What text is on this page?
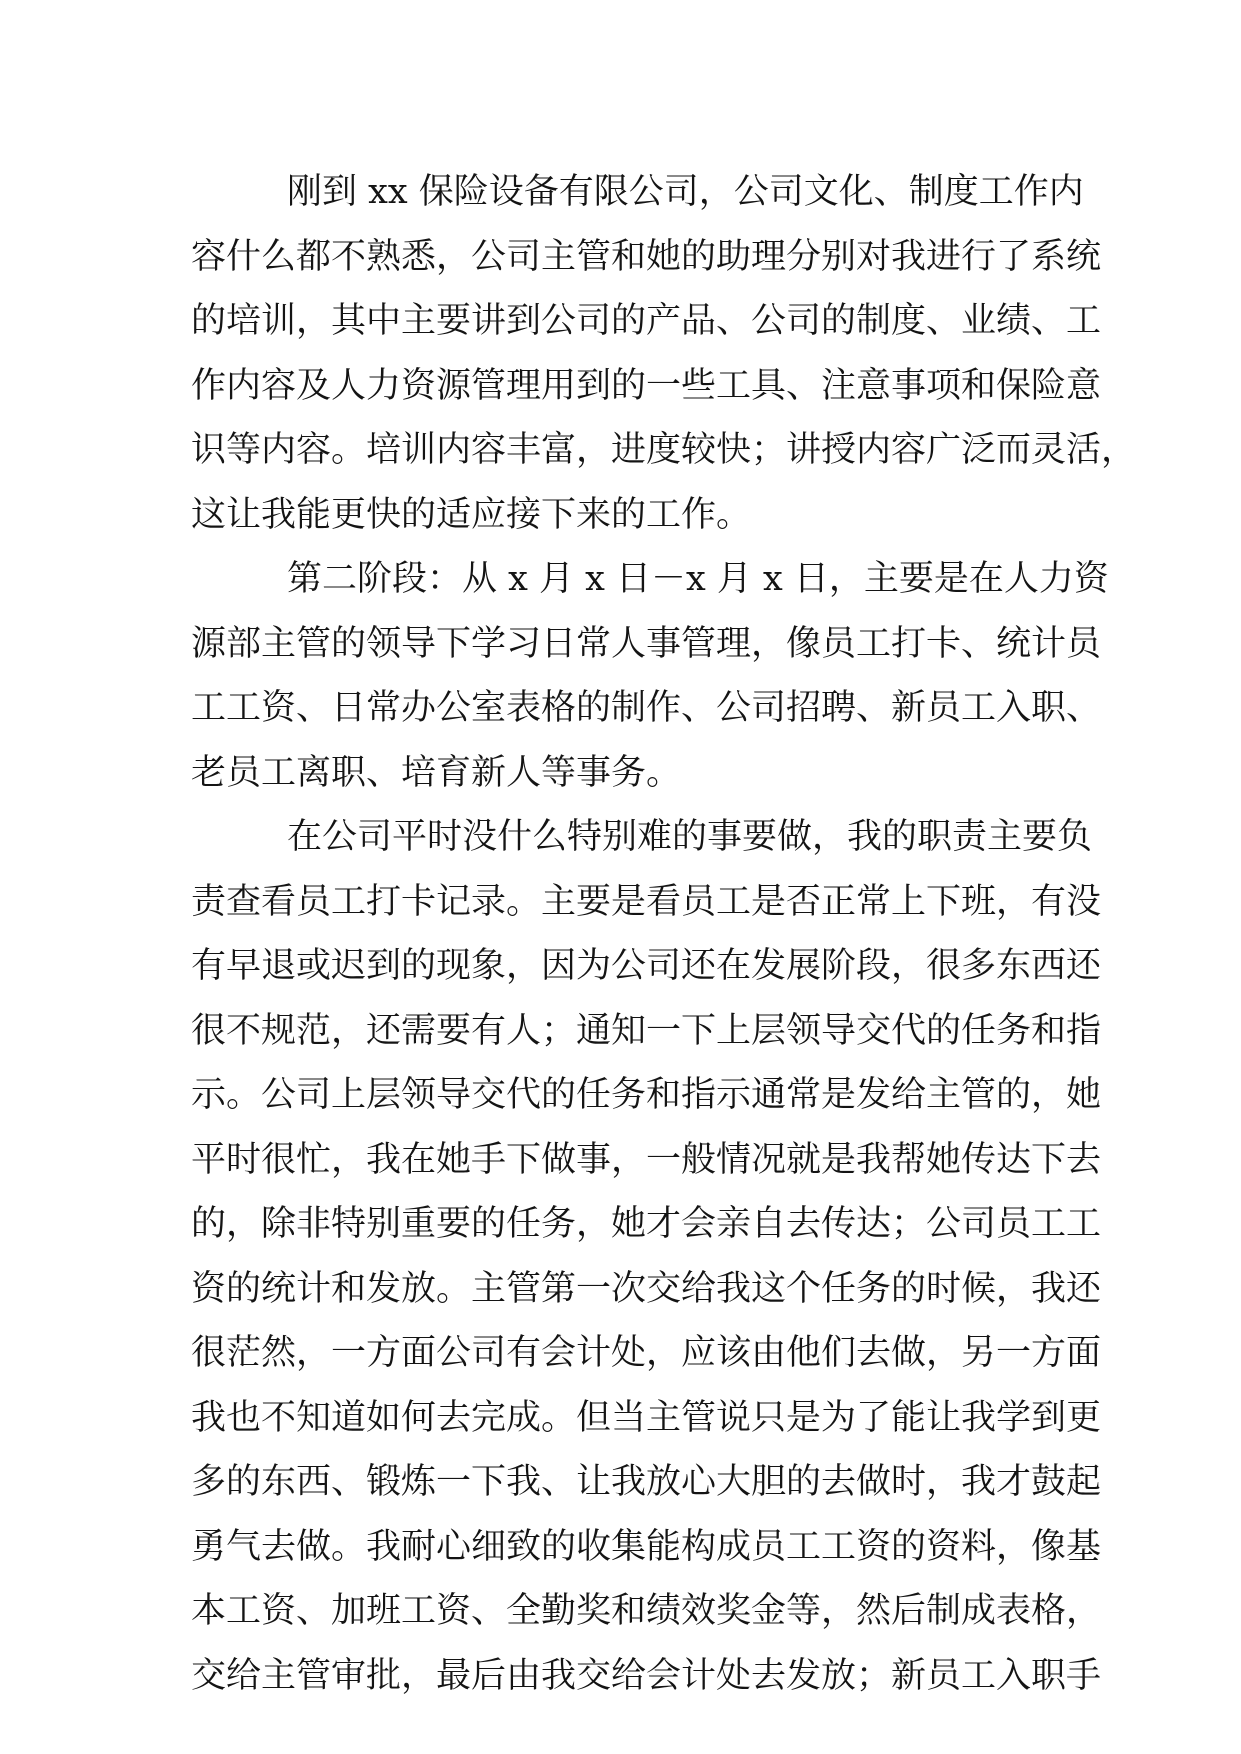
刚到 xx 保险设备有限公司，公司文化、制度工作内
容什么都不熟悉，公司主管和她的助理分别对我进行了系统
的培训，其中主要讲到公司的产品、公司的制度、业绩、工
作内容及人力资源管理用到的一些工具、注意事项和保险意
识等内容。培训内容丰富，进度较快；讲授内容广泛而灵活，
这让我能更快的适应接下来的工作。
第二阶段：从 x 月 x 日－x 月 x 日，主要是在人力资
源部主管的领导下学习日常人事管理，像员工打卡、统计员
工工资、日常办公室表格的制作、公司招聘、新员工入职、
老员工离职、培育新人等事务。
在公司平时没什么特别难的事要做，我的职责主要负
责查看员工打卡记录。主要是看员工是否正常上下班，有没
有早退或迟到的现象，因为公司还在发展阶段，很多东西还
很不规范，还需要有人；通知一下上层领导交代的任务和指
示。公司上层领导交代的任务和指示通常是发给主管的，她
平时很忙，我在她手下做事，一般情况就是我帮她传达下去
的，除非特别重要的任务，她才会亲自去传达；公司员工工
资的统计和发放。主管第一次交给我这个任务的时候，我还
很茫然，一方面公司有会计处，应该由他们去做，另一方面
我也不知道如何去完成。但当主管说只是为了能让我学到更
多的东西、锻炼一下我、让我放心大胆的去做时，我才鼓起
勇气去做。我耐心细致的收集能构成员工工资的资料，像基
本工资、加班工资、全勤奖和绩效奖金等，然后制成表格，
交给主管审批，最后由我交给会计处去发放；新员工入职手
